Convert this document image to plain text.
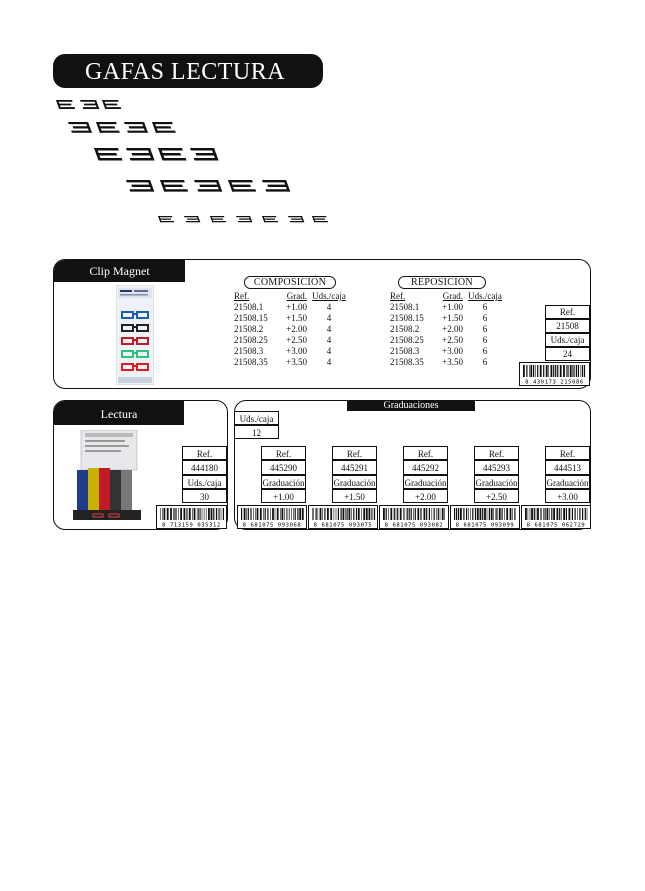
GAFAS LECTURA
Clip Magnet
COMPOSICIÓN
Ref.	Grad. Uds./caja
21508.1	+1.00	4
21508.15	+1.50	4
21508.2	+2.00	4
21508.25	+2.50	4
21508.3	+3.00	4
21508.35	+3.50	4
REPOSICIÓN
Ref.	Grad. Uds./caja
21508.1	+1.00	6
21508.15	+1.50	6
21508.2	+2.00	6
21508.25	+2.50	6
21508.3	+3.00	6
21508.35	+3.50	6
Ref.
21508
Uds./caja
24
8 430173 215086
Lectura
Ref.
444180
Uds./caja
30
8 713159 035312
Graduaciones
Uds./caja
12
Ref.
445290
Graduación
+1.00
8 681075 093068
Ref.
445291
Graduación
+1.50
8 681075 093075
Ref.
445292
Graduación
+2.00
8 681075 093082
Ref.
445293
Graduación
+2.50
8 681075 093099
Ref.
444513
Graduación
+3.00
8 681075 062729
